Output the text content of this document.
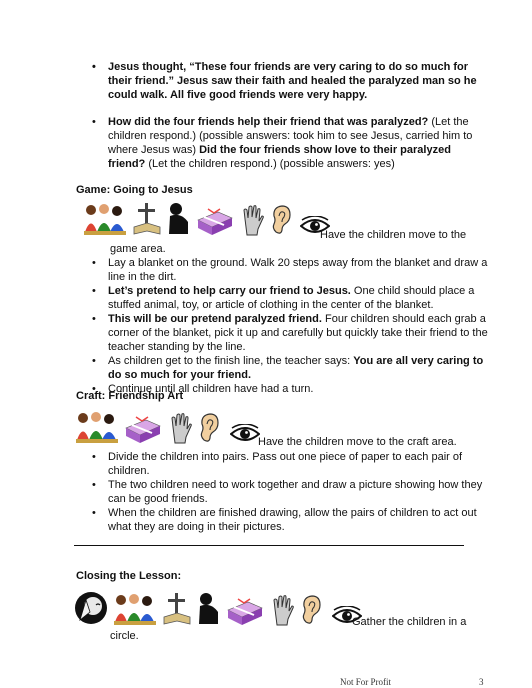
• Jesus thought, “These four friends are very caring to do so much for their friend.” Jesus saw their faith and healed the paralyzed man so he could walk. All five good friends were very happy.
• How did the four friends help their friend that was paralyzed? (Let the children respond.) (possible answers: took him to see Jesus, carried him to where Jesus was) Did the four friends show love to their paralyzed friend? (Let the children respond.) (possible answers: yes)
Game: Going to Jesus
Have the children move to the
game area.
• Lay a blanket on the ground. Walk 20 steps away from the blanket and draw a line in the dirt.
• Let’s pretend to help carry our friend to Jesus. One child should place a stuffed animal, toy, or article of clothing in the center of the blanket.
• This will be our pretend paralyzed friend. Four children should each grab a corner of the blanket, pick it up and carefully but quickly take their friend to the teacher standing by the line.
• As children get to the finish line, the teacher says: You are all very caring to do so much for your friend.
• Continue until all children have had a turn.
Craft: Friendship Art
Have the children move to the craft area.
• Divide the children into pairs. Pass out one piece of paper to each pair of children.
• The two children need to work together and draw a picture showing how they can be good friends.
• When the children are finished drawing, allow the pairs of children to act out what they are doing in their pictures.
Closing the Lesson:
Gather the children in a
circle.
Not For Profit	3
